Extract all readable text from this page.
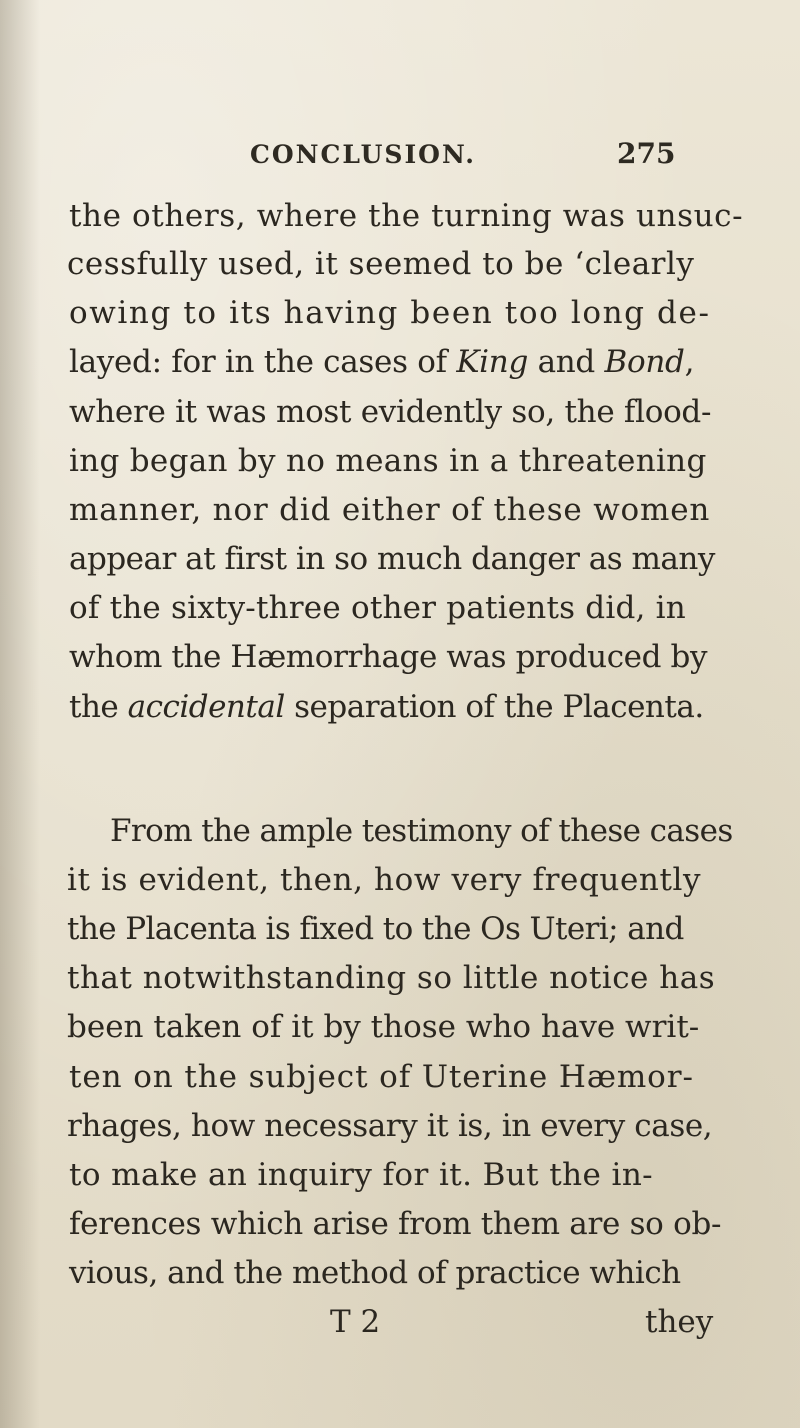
CONCLUSION.	275
the others, where the turning was unsuc-
cessfully used, it seemed to be ‘clearly
owing to its having been too long de-
layed: for in the cases of King and Bond,
where it was most evidently so, the flood-
ing began by no means in a threatening
manner, nor did either of these women
appear at first in so much danger as many
of the sixty-three other patients did, in
whom the Hæmorrhage was produced by
the accidental separation of the Placenta.
From the ample testimony of these cases
it is evident, then, how very frequently
the Placenta is fixed to the Os Uteri; and
that notwithstanding so little notice has
been taken of it by those who have writ-
ten on the subject of Uterine Hæmor-
rhages, how necessary it is, in every case,
to make an inquiry for it. But the in-
ferences which arise from them are so ob-
vious, and the method of practice which
T 2	they
